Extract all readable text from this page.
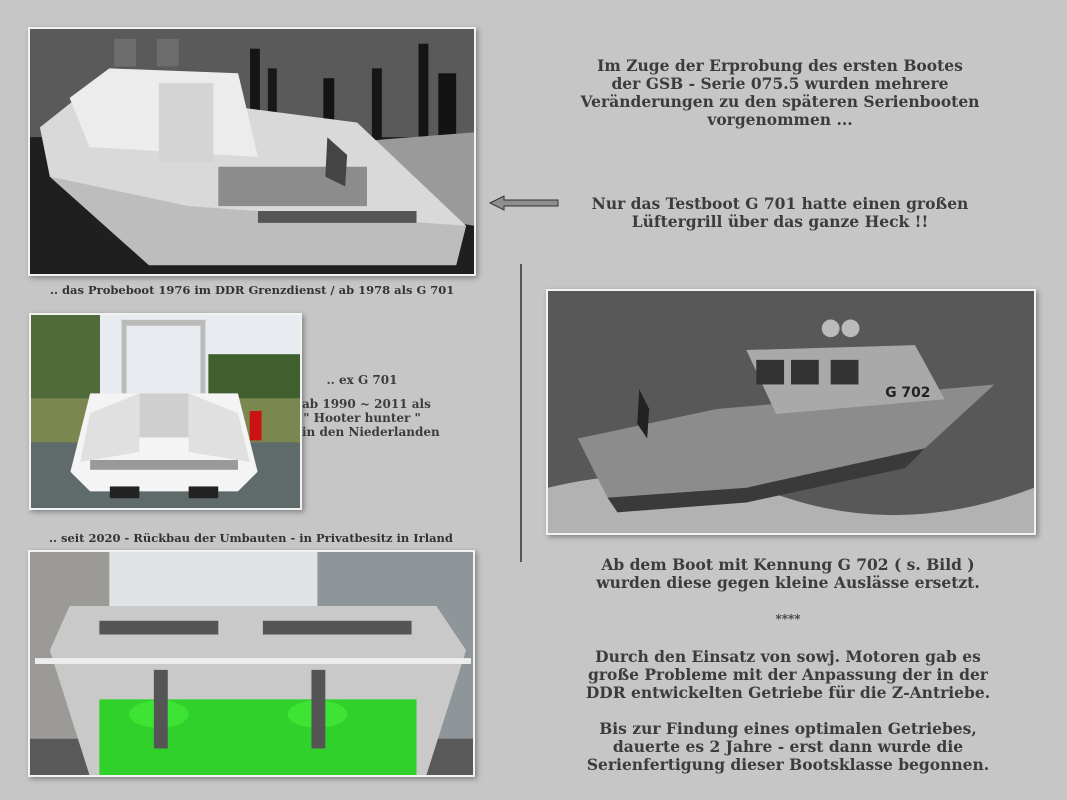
.. das Probeboot 1976 im DDR Grenzdienst / ab 1978 als G 701
Im Zuge der Erprobung des ersten Bootes
der GSB - Serie 075.5 wurden mehrere
Veränderungen zu den späteren Serienbooten
vorgenommen ...
Nur das Testboot G 701 hatte einen großen
Lüftergrill über das ganze Heck !!
.. ex G 701
ab 1990 ~ 2011 als
" Hooter hunter "
in den Niederlanden
.. seit 2020 - Rückbau der Umbauten - in Privatbesitz in Irland
G 702
Ab dem Boot mit Kennung G 702 ( s. Bild )
wurden diese gegen kleine Auslässe ersetzt.
****
Durch den Einsatz von sowj. Motoren gab es
große Probleme mit der Anpassung der in der
DDR entwickelten Getriebe für die Z-Antriebe.
Bis zur Findung eines optimalen Getriebes,
dauerte es 2 Jahre - erst dann wurde die
Serienfertigung dieser Bootsklasse begonnen.
